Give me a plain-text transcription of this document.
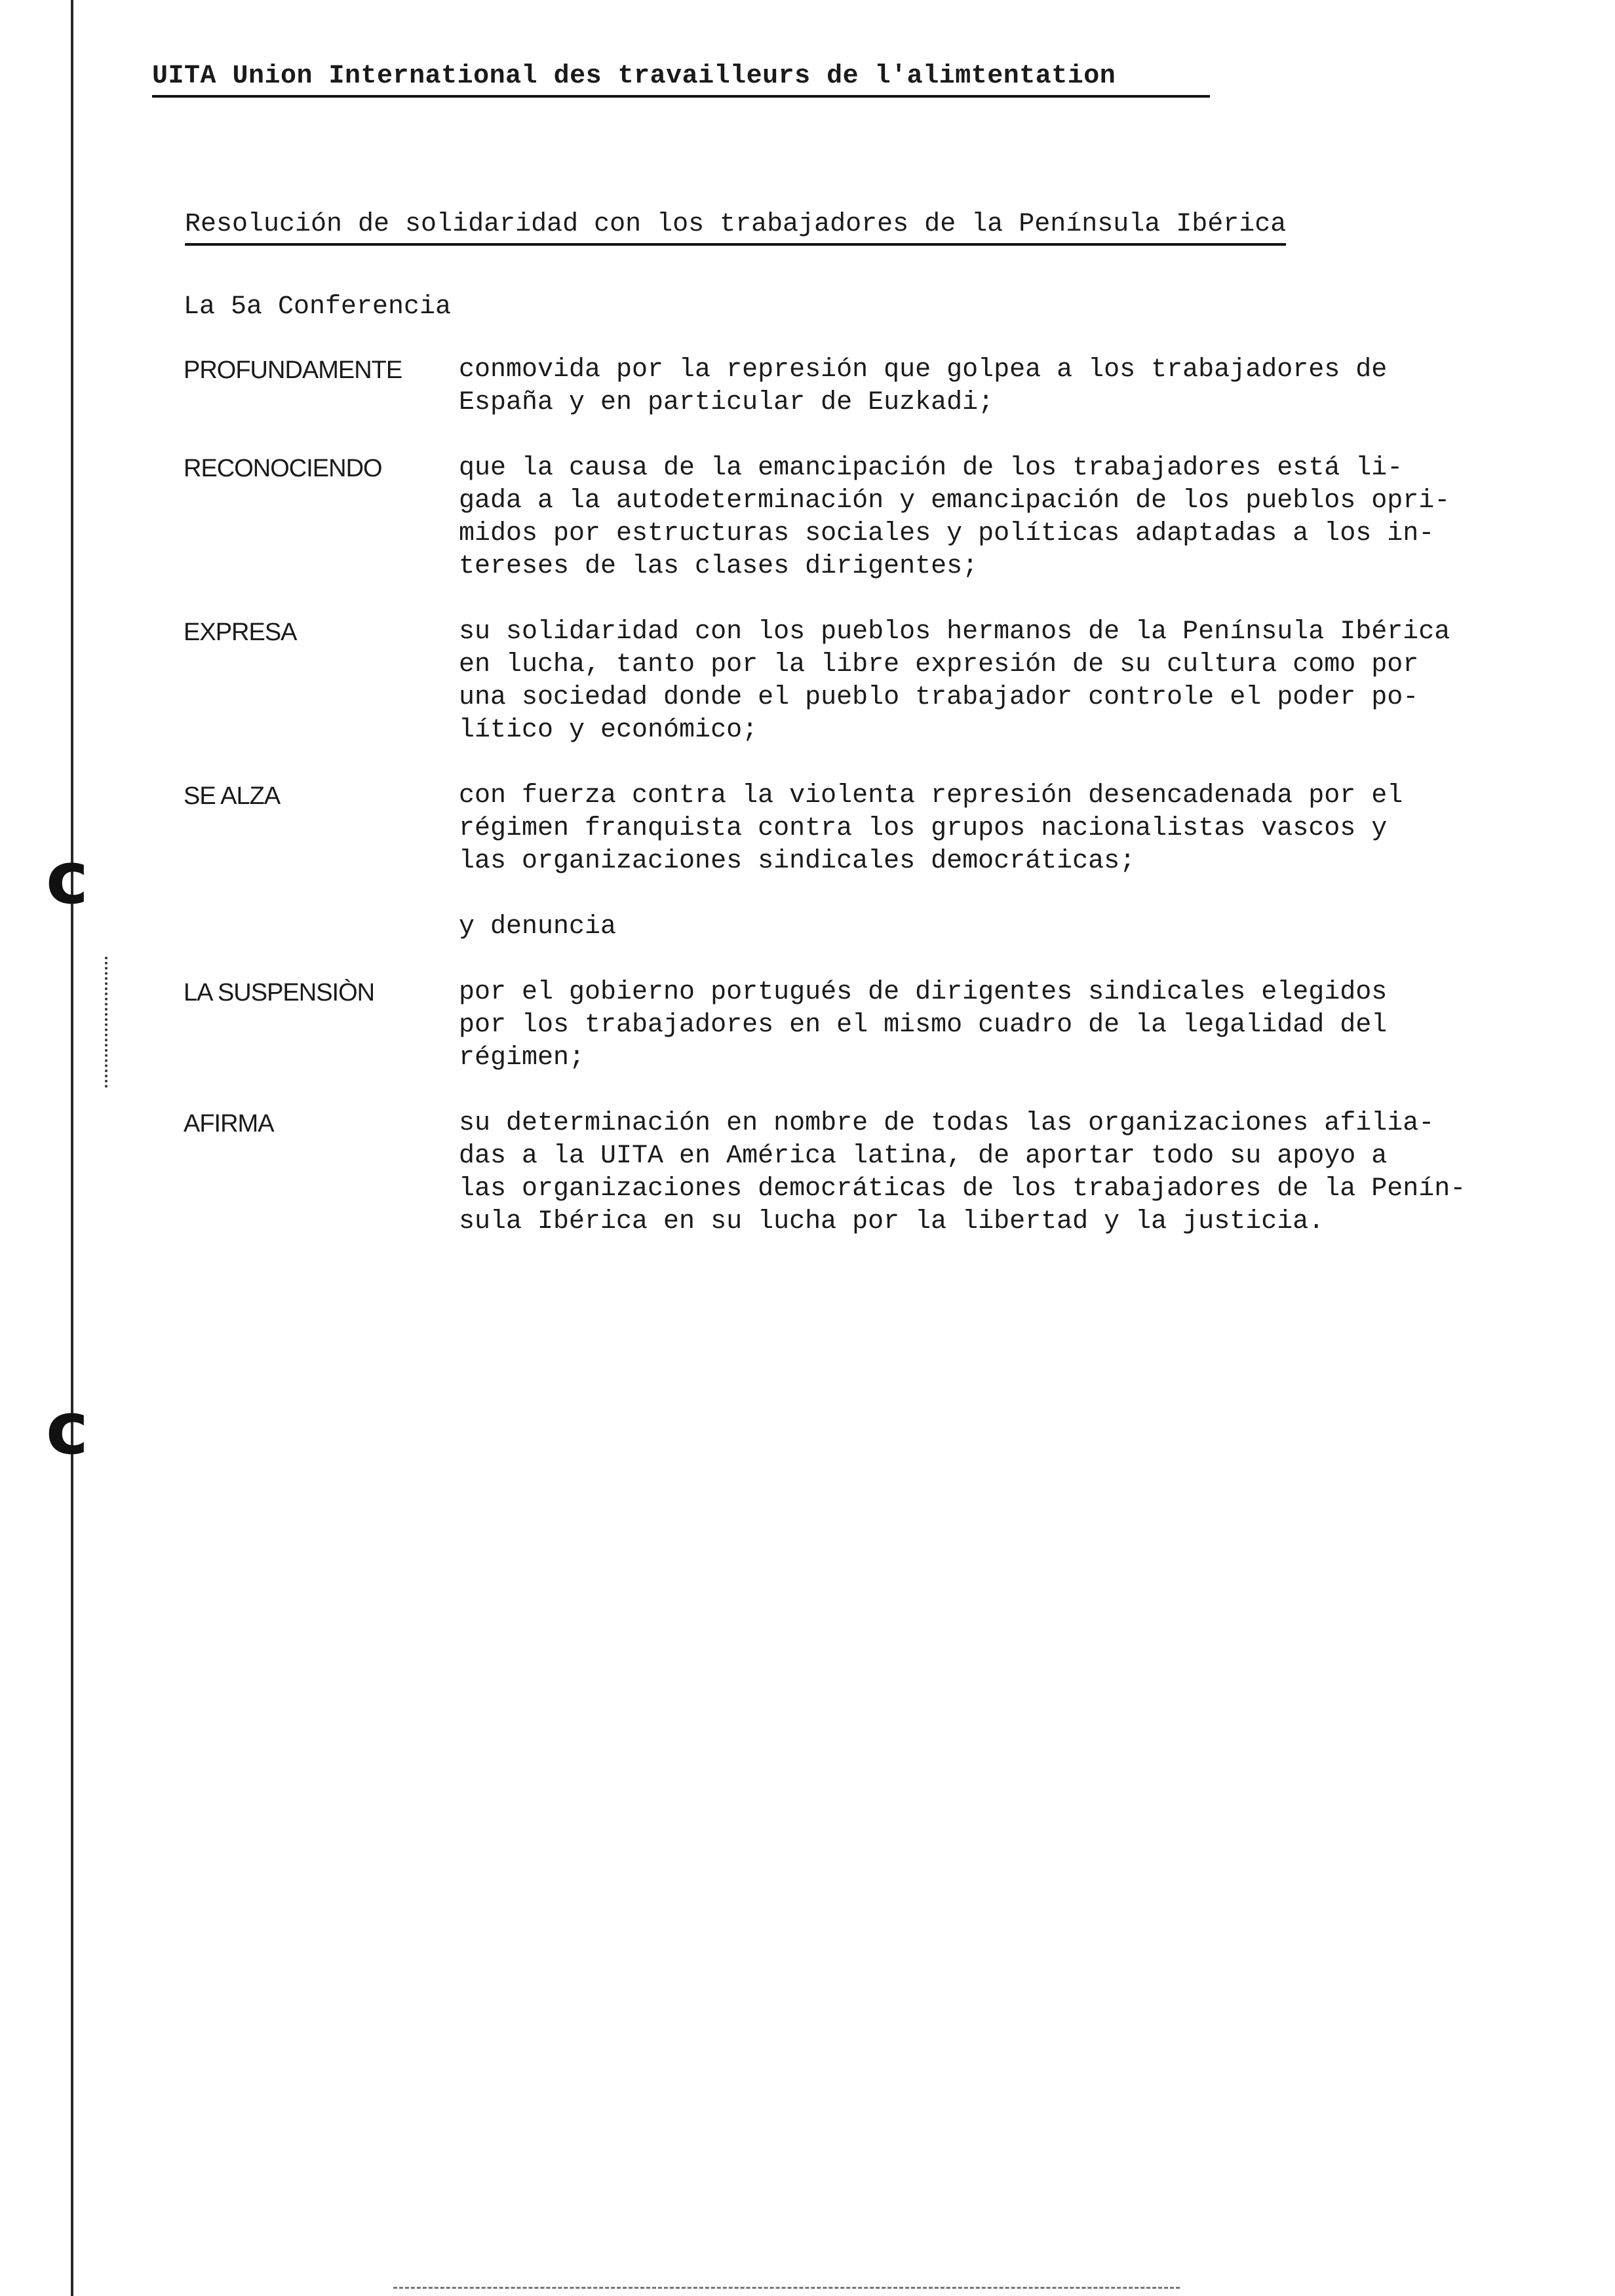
ᴄ
ᴄ
UITA Union International des travailleurs de l'alimtentation
Resolución de solidaridad con los trabajadores de la Península Ibérica
La 5a Conferencia
PROFUNDAMENTE	conmovida por la represión que golpea a los trabajadores de
España y en particular de Euzkadi;
RECONOCIENDO	que la causa de la emancipación de los trabajadores está li-
gada a la autodeterminación y emancipación de los pueblos opri-
midos por estructuras sociales y políticas adaptadas a los in-
tereses de las clases dirigentes;
EXPRESA	su solidaridad con los pueblos hermanos de la Península Ibérica
en lucha, tanto por la libre expresión de su cultura como por
una sociedad donde el pueblo trabajador controle el poder po-
lítico y económico;
SE ALZA	con fuerza contra la violenta represión desencadenada por el
régimen franquista contra los grupos nacionalistas vascos y
las organizaciones sindicales democráticas;
y denuncia
LA SUSPENSIÒN	por el gobierno portugués de dirigentes sindicales elegidos
por los trabajadores en el mismo cuadro de la legalidad del
régimen;
AFIRMA	su determinación en nombre de todas las organizaciones afilia-
das a la UITA en América latina, de aportar todo su apoyo a
las organizaciones democráticas de los trabajadores de la Penín-
sula Ibérica en su lucha por la libertad y la justicia.
